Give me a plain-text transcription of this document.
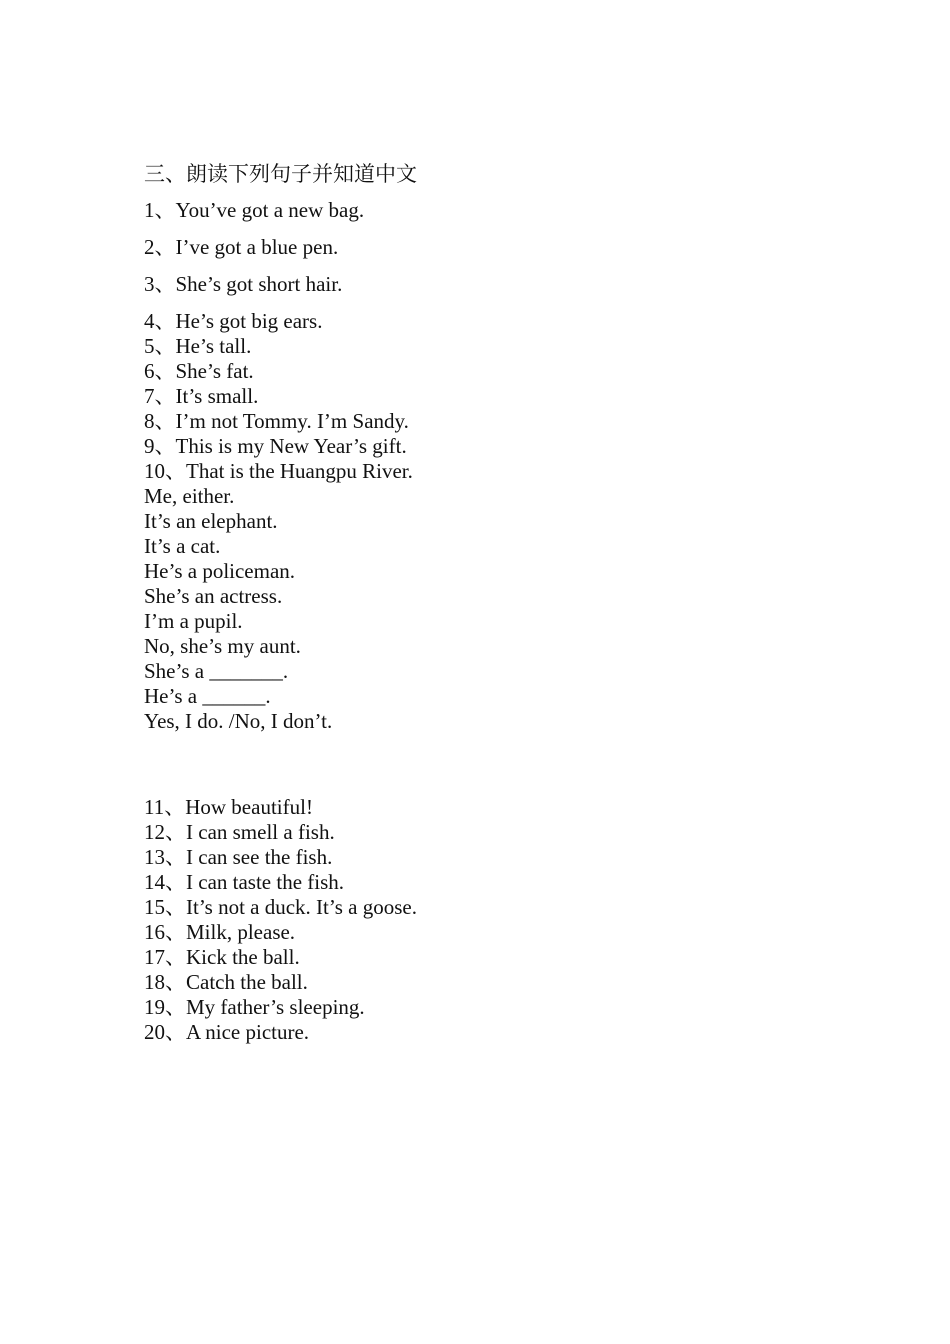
三、朗读下列句子并知道中文
1、You’ve got a new bag.
2、I’ve got a blue pen.
3、She’s got short hair.
4、He’s got big ears.
5、He’s tall.
6、She’s fat.
7、It’s small.
8、I’m not Tommy. I’m Sandy.
9、This is my New Year’s gift.
10、That is the Huangpu River.
Me, either.
It’s an elephant.
It’s a cat.
He’s a policeman.
She’s an actress.
I’m a pupil.
No, she’s my aunt.
She’s a _______.
He’s a ______.
Yes, I do. /No, I don’t.
11、How beautiful!
12、I can smell a fish.
13、I can see the fish.
14、I can taste the fish.
15、It’s not a duck. It’s a goose.
16、Milk, please.
17、Kick the ball.
18、Catch the ball.
19、My father’s sleeping.
20、A nice picture.
